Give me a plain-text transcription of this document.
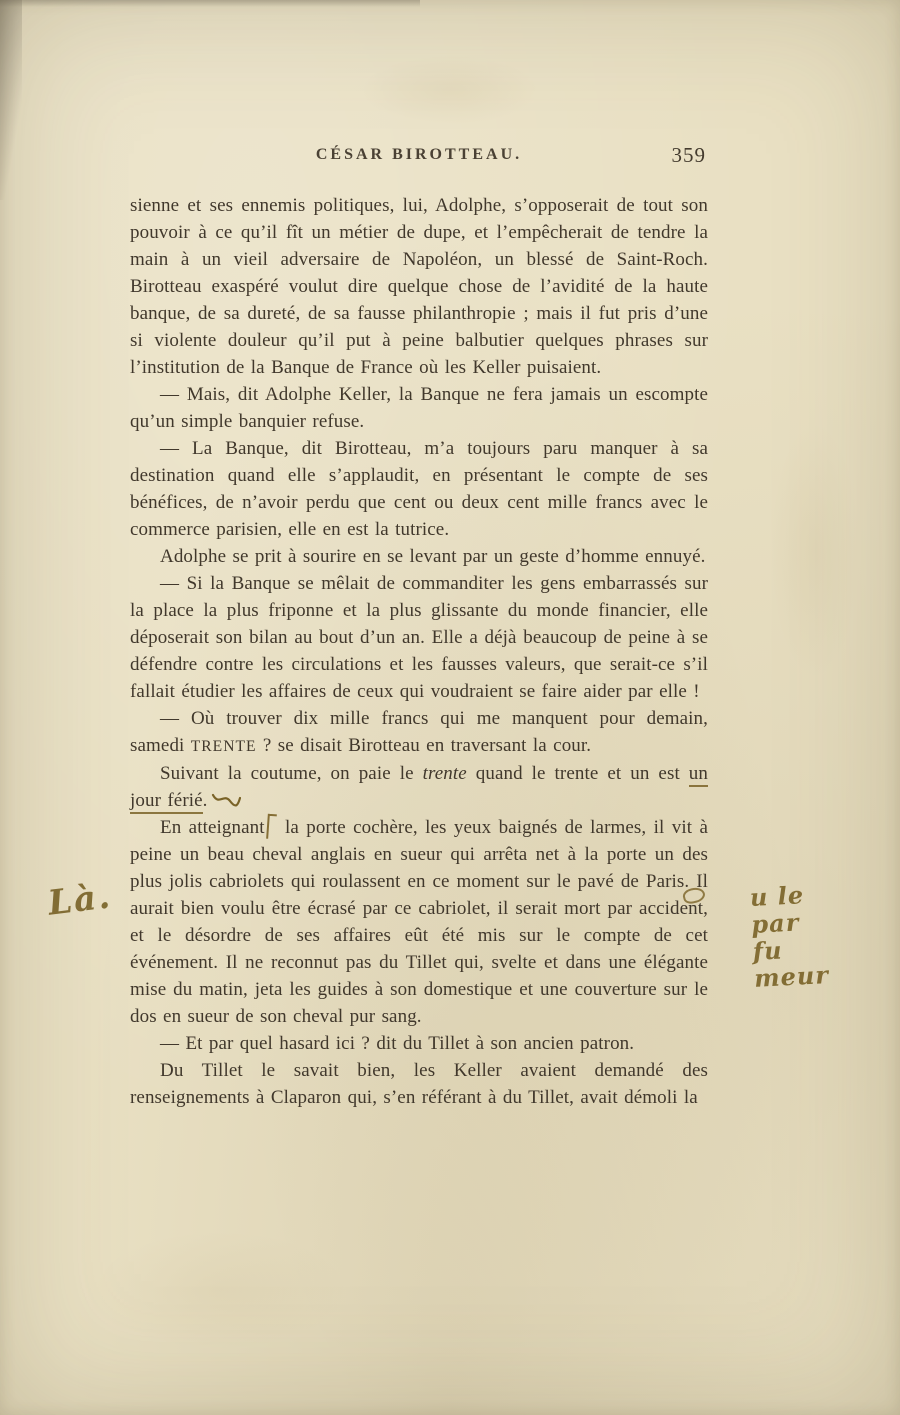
CÉSAR BIROTTEAU.	359

sienne et ses ennemis politiques, lui, Adolphe, s’opposerait de tout son pouvoir à ce qu’il fît un métier de dupe, et l’empêcherait de tendre la main à un vieil adversaire de Napoléon, un blessé de Saint-Roch. Birotteau exaspéré voulut dire quelque chose de l’avidité de la haute banque, de sa dureté, de sa fausse philanthropie ; mais il fut pris d’une si violente douleur qu’il put à peine balbutier quelques phrases sur l’institution de la Banque de France où les Keller puisaient.

— Mais, dit Adolphe Keller, la Banque ne fera jamais un escompte qu’un simple banquier refuse.

— La Banque, dit Birotteau, m’a toujours paru manquer à sa destination quand elle s’applaudit, en présentant le compte de ses bénéfices, de n’avoir perdu que cent ou deux cent mille francs avec le commerce parisien, elle en est la tutrice.

Adolphe se prit à sourire en se levant par un geste d’homme ennuyé.

— Si la Banque se mêlait de commanditer les gens embarrassés sur la place la plus friponne et la plus glissante du monde financier, elle déposerait son bilan au bout d’un an. Elle a déjà beaucoup de peine à se défendre contre les circulations et les fausses valeurs, que serait-ce s’il fallait étudier les affaires de ceux qui voudraient se faire aider par elle !

— Où trouver dix mille francs qui me manquent pour demain, samedi TRENTE ? se disait Birotteau en traversant la cour.

Suivant la coutume, on paie le trente quand le trente et un est un jour férié.

En atteignant la porte cochère, les yeux baignés de larmes, il vit à peine un beau cheval anglais en sueur qui arrêta net à la porte un des plus jolis cabriolets qui roulassent en ce moment sur le pavé de Paris. Il aurait bien voulu être écrasé par ce cabriolet, il serait mort par accident, et le désordre de ses affaires eût été mis sur le compte de cet événement. Il ne reconnut pas du Tillet qui, svelte et dans une élégante mise du matin, jeta les guides à son domestique et une couverture sur le dos en sueur de son cheval pur sang.

— Et par quel hasard ici ? dit du Tillet à son ancien patron.

Du Tillet le savait bien, les Keller avaient demandé des renseignements à Claparon qui, s’en référant à du Tillet, avait démoli la

Là.	u le
par
fu
meur
